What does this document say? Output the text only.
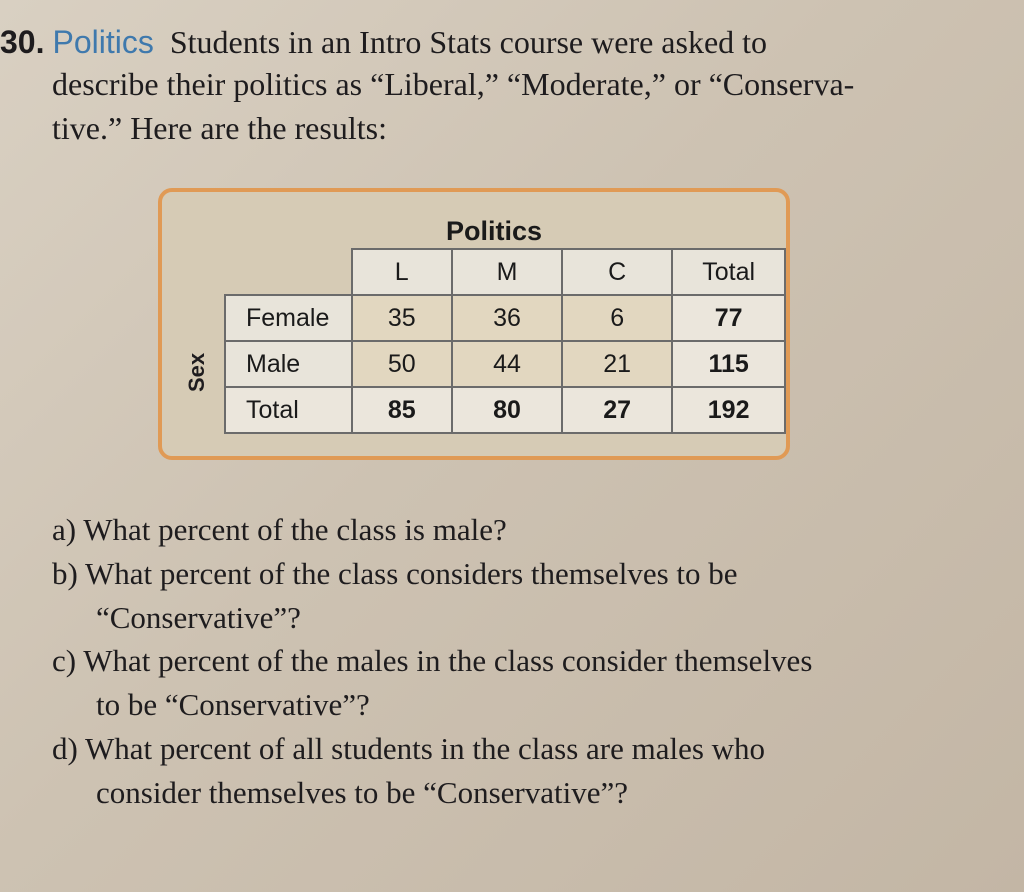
30. Politics Students in an Intro Stats course were asked to
describe their politics as “Liberal,” “Moderate,” or “Conserva-
tive.” Here are the results:
Politics
Sex
	L	M	C	Total
Female	35	36	6	77
Male	50	44	21	115
Total	85	80	27	192
a) What percent of the class is male?
b) What percent of the class considers themselves to be
“Conservative”?
c) What percent of the males in the class consider themselves
to be “Conservative”?
d) What percent of all students in the class are males who
consider themselves to be “Conservative”?
